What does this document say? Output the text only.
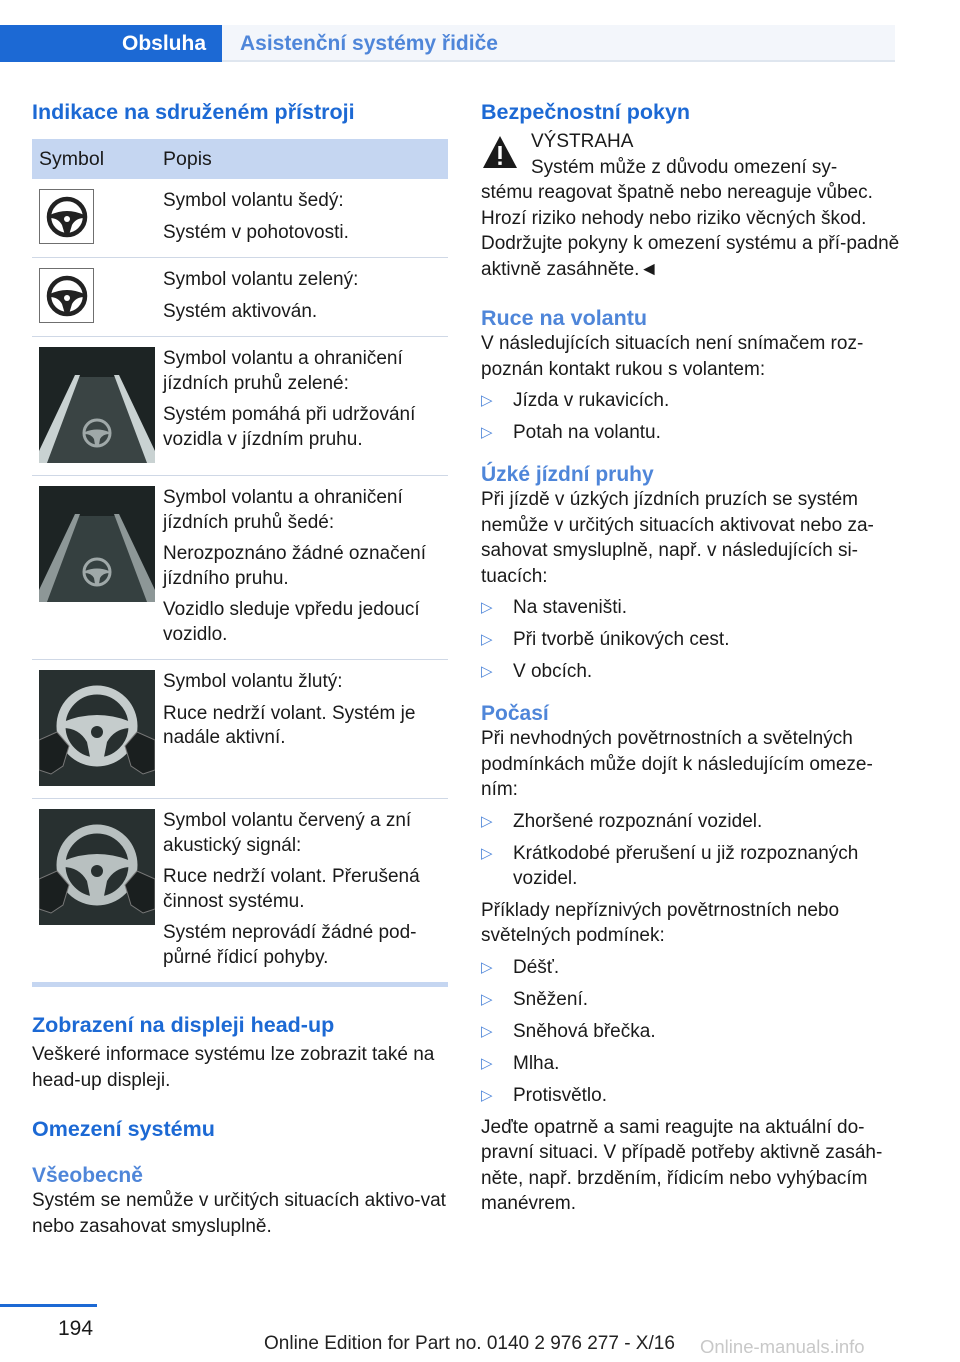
Obsluha	Asistenční systémy řidiče
Indikace na sdruženém přístroji
Symbol	Popis
Symbol volantu šedý:
Systém v pohotovosti.
Symbol volantu zelený:
Systém aktivován.
Symbol volantu a ohraničení jízdních pruhů zelené:
Systém pomáhá při udržování vozidla v jízdním pruhu.
Symbol volantu a ohraničení jízdních pruhů šedé:
Nerozpoznáno žádné označení jízdního pruhu.
Vozidlo sleduje vpředu jedoucí vozidlo.
Symbol volantu žlutý:
Ruce nedrží volant. Systém je nadále aktivní.
Symbol volantu červený a zní akustický signál:
Ruce nedrží volant. Přerušená činnost systému.
Systém neprovádí žádné pod-půrné řídicí pohyby.
Zobrazení na displeji head-up

Veškeré informace systému lze zobrazit také na head-up displeji.

Omezení systému
Všeobecně

Systém se nemůže v určitých situacích aktivo-vat nebo zasahovat smysluplně.

Bezpečnostní pokyn

VÝSTRAHA

Systém může z důvodu omezení sy-

stému reagovat špatně nebo nereaguje vůbec. Hrozí riziko nehody nebo riziko věcných škod. Dodržujte pokyny k omezení systému a pří-padně aktivně zasáhněte.◄

Ruce na volantu

V následujících situacích není snímačem roz-poznán kontakt rukou s volantem:

▷ Jízda v rukavicích.
▷ Potah na volantu.
Úzké jízdní pruhy

Při jízdě v úzkých jízdních pruzích se systém nemůže v určitých situacích aktivovat nebo za-sahovat smysluplně, např. v následujících si-tuacích:

▷ Na staveništi.
▷ Při tvorbě únikových cest.
▷ V obcích.
Počasí

Při nevhodných povětrnostních a světelných podmínkách může dojít k následujícím omeze-ním:

▷ Zhoršené rozpoznání vozidel.
▷ Krátkodobé přerušení u již rozpoznaných vozidel.

Příklady nepříznivých povětrnostních nebo světelných podmínek:

▷ Déšť.
▷ Sněžení.
▷ Sněhová břečka.
▷ Mlha.
▷ Protisvětlo.

Jeďte opatrně a sami reagujte na aktuální do-pravní situaci. V případě potřeby aktivně zasáh-něte, např. brzděním, řídicím nebo vyhýbacím manévrem.

194
Online Edition for Part no. 0140 2 976 277 - X/16 Online-manuals.info
